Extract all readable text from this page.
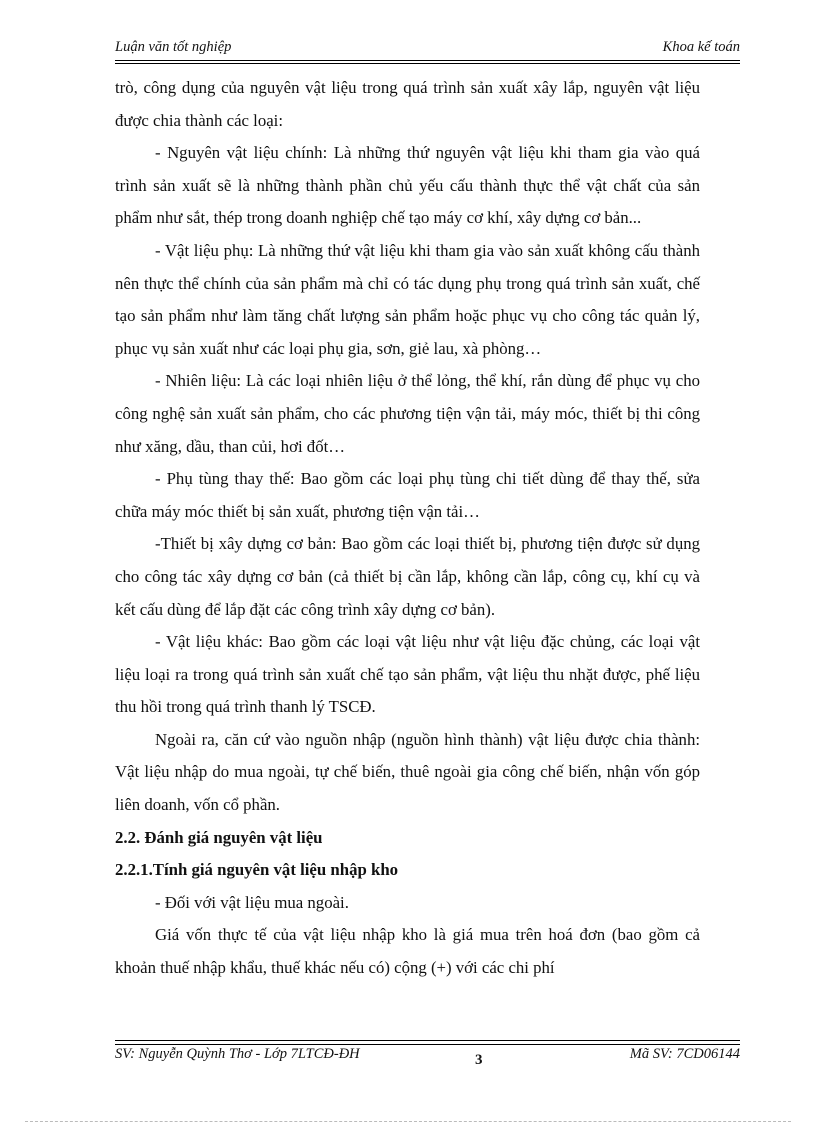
Luận văn tốt nghiệp	Khoa kế toán

trò, công dụng của nguyên vật liệu trong quá trình sản xuất xây lắp, nguyên vật liệu được chia thành các loại:

- Nguyên vật liệu chính: Là những thứ nguyên vật liệu khi tham gia vào quá trình sản xuất sẽ là những thành phần chủ yếu cấu thành thực thể vật chất của sản phẩm như sắt, thép trong doanh nghiệp chế tạo máy cơ khí, xây dựng cơ bản...

- Vật liệu phụ: Là những thứ vật liệu khi tham gia vào sản xuất không cấu thành nên thực thể chính của sản phẩm mà chỉ có tác dụng phụ trong quá trình sản xuất, chế tạo sản phẩm như làm tăng chất lượng sản phẩm hoặc phục vụ cho công tác quản lý, phục vụ sản xuất như các loại phụ gia, sơn, giẻ lau, xà phòng…

- Nhiên liệu: Là các loại nhiên liệu ở thể lỏng, thể khí, rắn dùng để phục vụ cho công nghệ sản xuất sản phẩm, cho các phương tiện vận tải, máy móc, thiết bị thi công như xăng, dầu, than củi, hơi đốt…

- Phụ tùng thay thế: Bao gồm các loại phụ tùng chi tiết dùng để thay thế, sửa chữa máy móc thiết bị sản xuất, phương tiện vận tải…

-Thiết bị xây dựng cơ bản: Bao gồm các loại thiết bị, phương tiện được sử dụng cho công tác xây dựng cơ bản (cả thiết bị cần lắp, không cần lắp, công cụ, khí cụ và kết cấu dùng để lắp đặt các công trình xây dựng cơ bản).

- Vật liệu khác: Bao gồm các loại vật liệu như vật liệu đặc chủng, các loại vật liệu loại ra trong quá trình sản xuất chế tạo sản phẩm, vật liệu thu nhặt được, phế liệu thu hồi trong quá trình thanh lý TSCĐ.

Ngoài ra, căn cứ vào nguồn nhập (nguồn hình thành) vật liệu được chia thành: Vật liệu nhập do mua ngoài, tự chế biến, thuê ngoài gia công chế biến, nhận vốn góp liên doanh, vốn cổ phần.

2.2. Đánh giá nguyên vật liệu

2.2.1.Tính giá nguyên vật liệu nhập kho

- Đối với vật liệu mua ngoài.

Giá vốn thực tế của vật liệu nhập kho là giá mua trên hoá đơn (bao gồm cả khoản thuế nhập khẩu, thuế khác nếu có) cộng (+) với các chi phí

SV: Nguyễn Quỳnh Thơ - Lớp 7LTCĐ-ĐH	3	Mã SV: 7CD06144
